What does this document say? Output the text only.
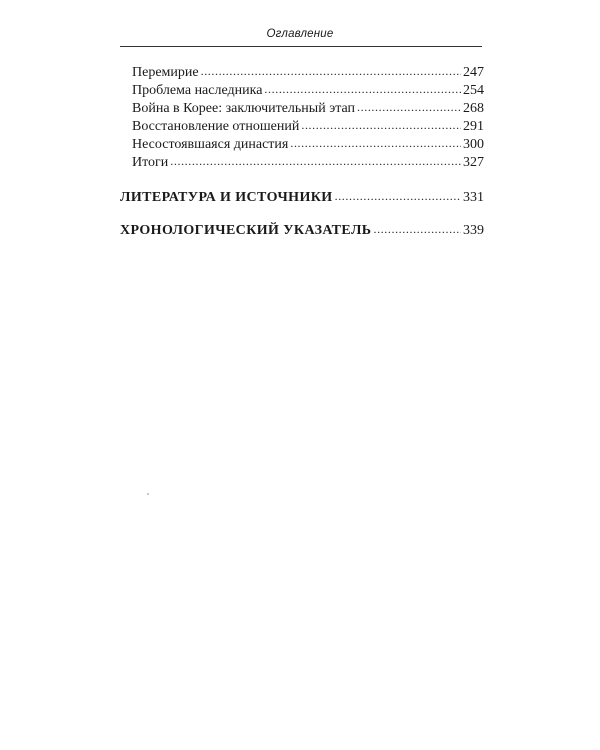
Оглавление
Перемирие .....	247
Проблема наследника .....	254
Война в Корее: заключительный этап .....	268
Восстановление отношений .....	291
Несостоявшаяся династия .....	300
Итоги .....	327
ЛИТЕРАТУРА И ИСТОЧНИКИ .....	331
ХРОНОЛОГИЧЕСКИЙ УКАЗАТЕЛЬ .....	339
